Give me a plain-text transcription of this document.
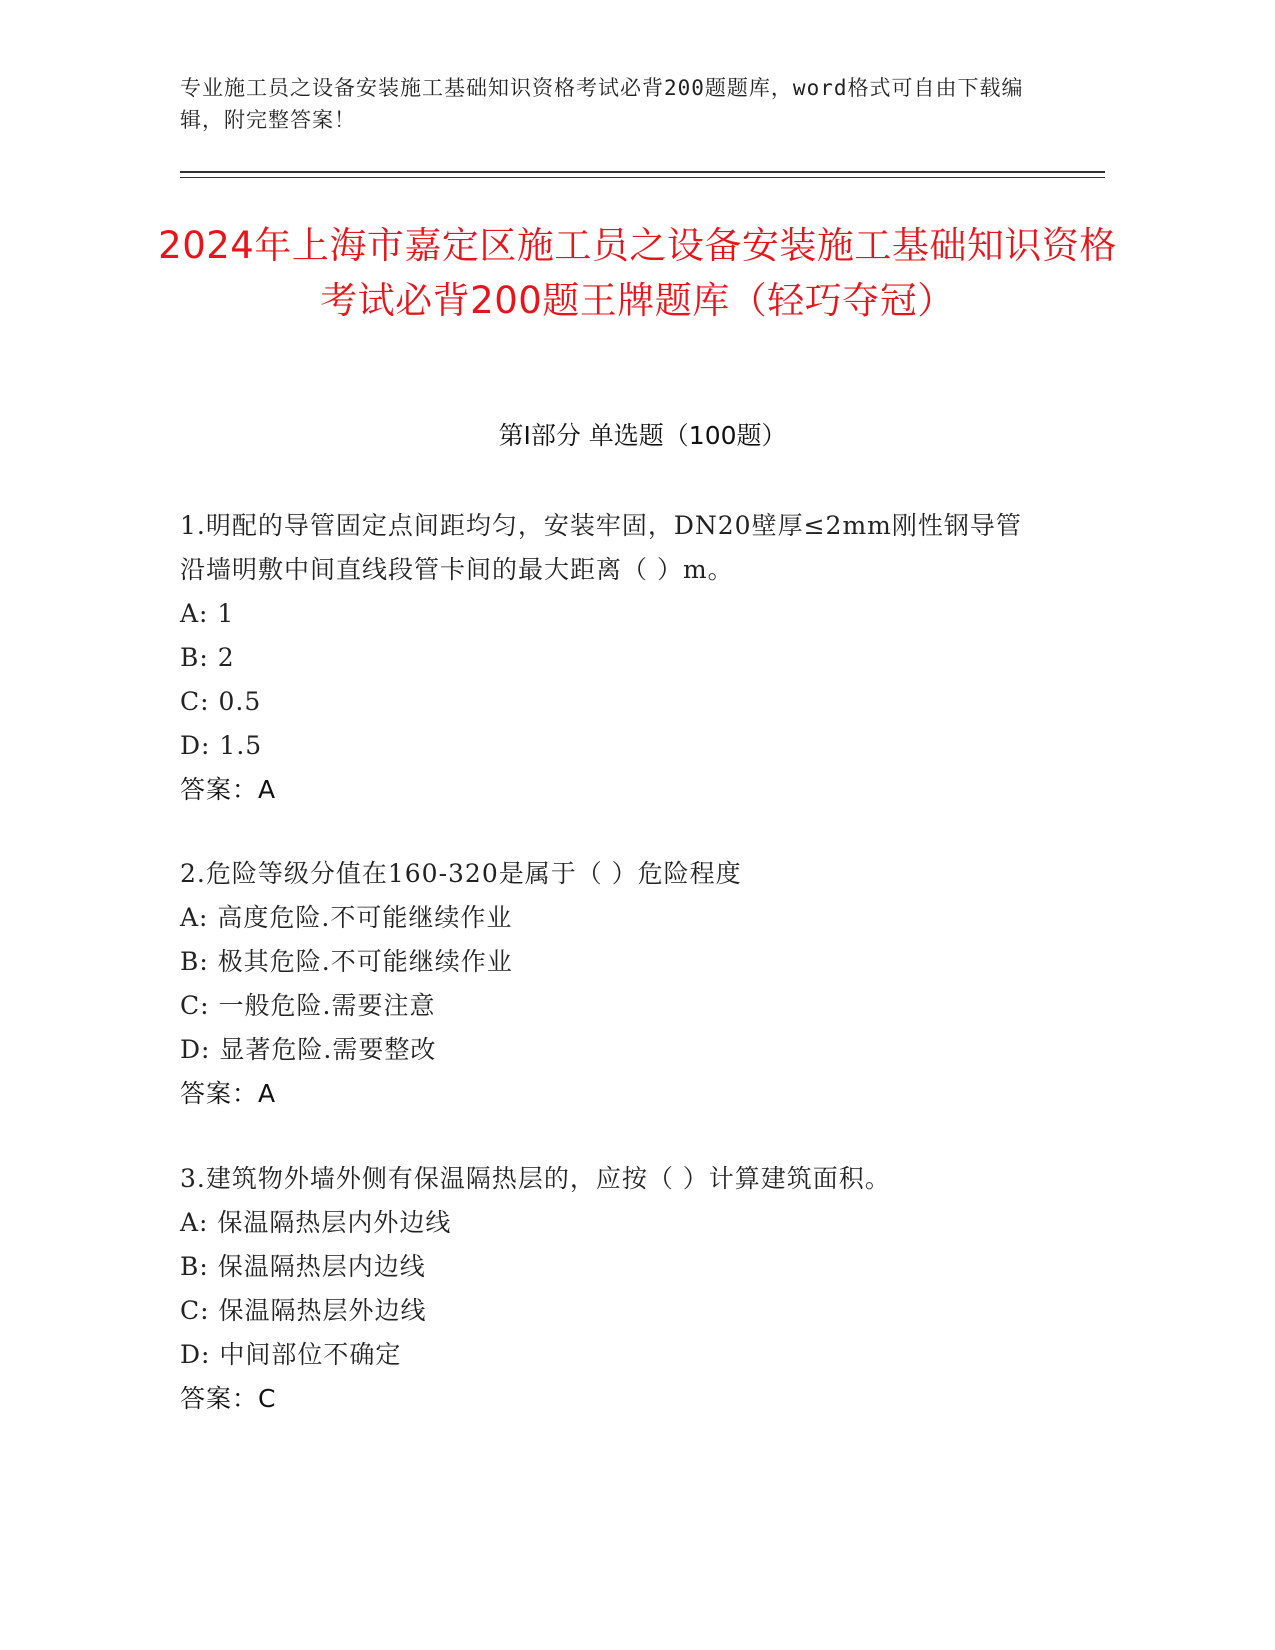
专业施工员之设备安装施工基础知识资格考试必背200题题库，word格式可自由下载编辑，附完整答案！
2024年上海市嘉定区施工员之设备安装施工基础知识资格考试必背200题王牌题库（轻巧夺冠）
第I部分 单选题（100题）
1.明配的导管固定点间距均匀，安装牢固，DN20壁厚≤2mm刚性钢导管沿墙明敷中间直线段管卡间的最大距离（ ）m。
A: 1
B: 2
C: 0.5
D: 1.5
答案：A
2.危险等级分值在160-320是属于（ ）危险程度
A: 高度危险.不可能继续作业
B: 极其危险.不可能继续作业
C: 一般危险.需要注意
D: 显著危险.需要整改
答案：A
3.建筑物外墙外侧有保温隔热层的，应按（ ）计算建筑面积。
A: 保温隔热层内外边线
B: 保温隔热层内边线
C: 保温隔热层外边线
D: 中间部位不确定
答案：C
